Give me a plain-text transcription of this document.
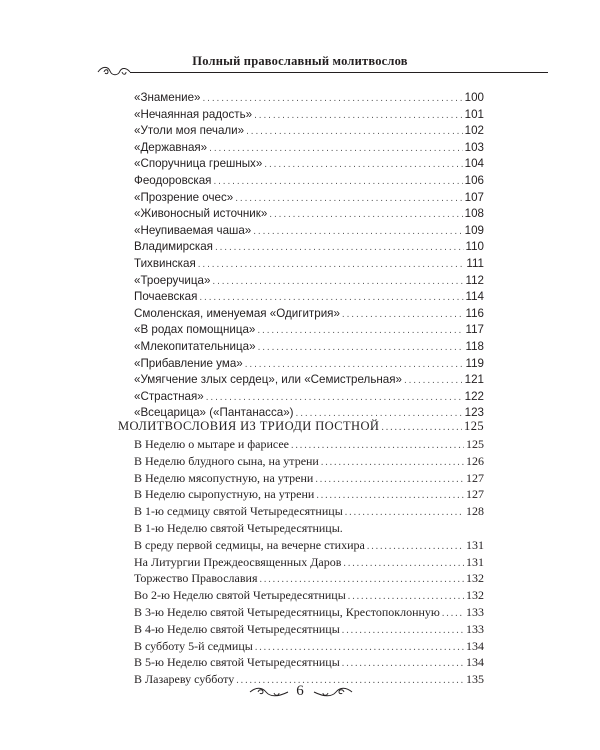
Полный православный молитвослов
«Знамение» .....	100
«Нечаянная радость» .....	101
«Утоли моя печали» .....	102
«Державная» .....	103
«Споручница грешных» .....	104
Феодоровская .....	106
«Прозрение очес» .....	107
«Живоносный источник» .....	108
«Неупиваемая чаша» .....	109
Владимирская .....	110
Тихвинская .....	111
«Троеручица» .....	112
Почаевская .....	114
Смоленская, именуемая «Одигитрия» .....	116
«В родах помощница» .....	117
«Млекопитательница» .....	118
«Прибавление ума» .....	119
«Умягчение злых сердец», или «Семистрельная» .....	121
«Страстная» .....	122
«Всецарица» («Пантанасса») .....	123
МОЛИТВОСЛОВИЯ ИЗ ТРИОДИ ПОСТНОЙ .....	125
В Неделю о мытаре и фарисее .....	125
В Неделю блудного сына, на утрени .....	126
В Неделю мясопустную, на утрени .....	127
В Неделю сыропустную, на утрени .....	127
В 1-ю седмицу святой Четыредесятницы .....	128
В 1-ю Неделю святой Четыредесятницы.
В среду первой седмицы, на вечерне стихира .....	131
На Литургии Преждеосвященных Даров .....	131
Торжество Православия .....	132
Во 2-ю Неделю святой Четыредесятницы .....	132
В 3-ю Неделю святой Четыредесятницы, Крестопоклонную ..... 133
В 4-ю Неделю святой Четыредесятницы .....	133
В субботу 5-й седмицы .....	134
В 5-ю Неделю святой Четыредесятницы .....	134
В Лазареву субботу .....	135
6
